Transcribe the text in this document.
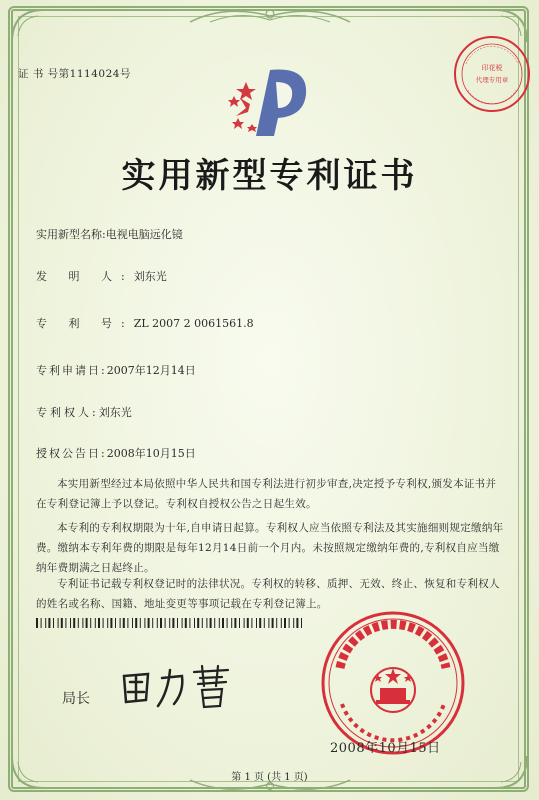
证 书 号第1114024号	印花税
代理专用章
实用新型专利证书
实用新型名称:电视电脑远化镜
发 明 人:刘东光
专 利 号:ZL 2007 2 0061561.8
专利申请日:2007年12月14日
专利权人:刘东光
授权公告日:2008年10月15日
本实用新型经过本局依照中华人民共和国专利法进行初步审查,决定授予专利权,颁发本证书并在专利登记簿上予以登记。专利权自授权公告之日起生效。
本专利的专利权期限为十年,自申请日起算。专利权人应当依照专利法及其实施细则规定缴纳年费。缴纳本专利年费的期限是每年12月14日前一个月内。未按照规定缴纳年费的,专利权自应当缴纳年费期满之日起终止。
专利证书记载专利权登记时的法律状况。专利权的转移、质押、无效、终止、恢复和专利权人的姓名或名称、国籍、地址变更等事项记载在专利登记簿上。
局长
2008年10月15日
第 1 页 (共 1 页)
